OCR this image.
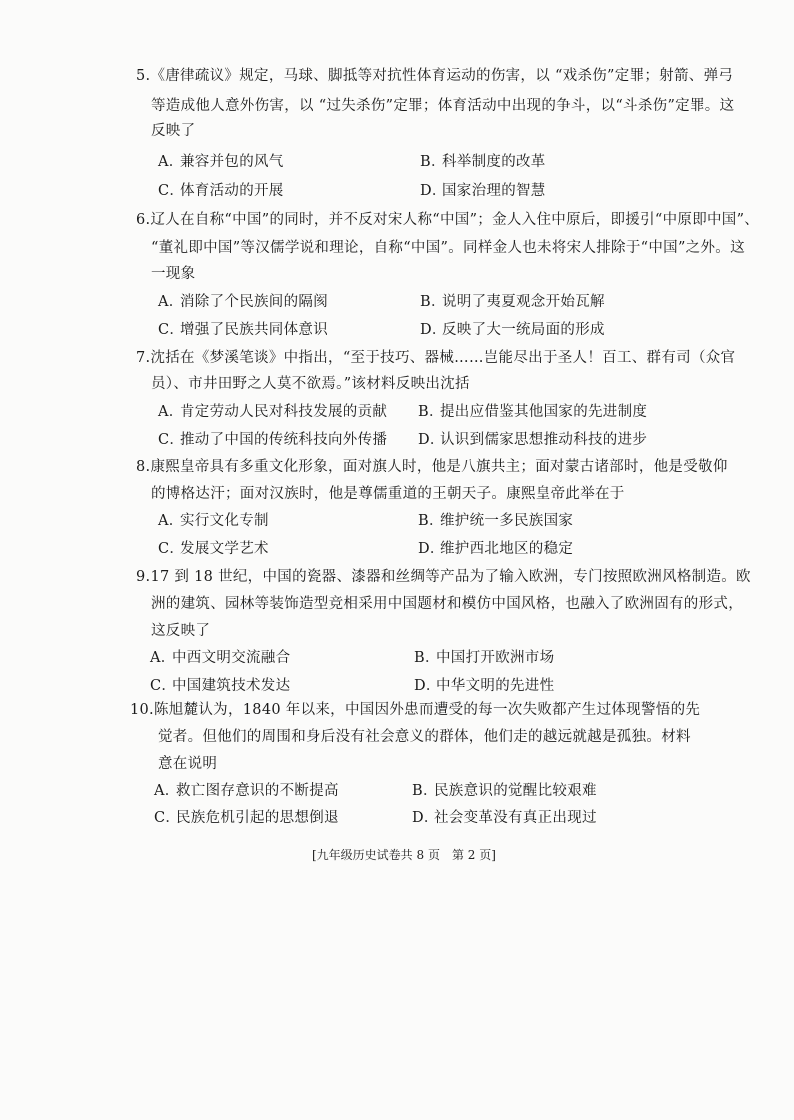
5.《唐律疏议》规定，马球、脚抵等对抗性体育运动的伤害，以 “戏杀伤”定罪；射箭、弹弓
等造成他人意外伤害，以 “过失杀伤”定罪；体育活动中出现的争斗，以“斗杀伤”定罪。这
反映了
A．兼容并包的风气	B．科举制度的改革
C．体育活动的开展	D．国家治理的智慧
6.辽人在自称“中国”的同时，并不反对宋人称“中国”；金人入住中原后，即援引“中原即中国”、
“董礼即中国”等汉儒学说和理论，自称“中国”。同样金人也未将宋人排除于“中国”之外。这
一现象
A．消除了个民族间的隔阂	B．说明了夷夏观念开始瓦解
C．增强了民族共同体意识	D．反映了大一统局面的形成
7.沈括在《梦溪笔谈》中指出，“至于技巧、器械……岂能尽出于圣人！百工、群有司（众官
员）、市井田野之人莫不欲焉。”该材料反映出沈括
A．肯定劳动人民对科技发展的贡献 B．提出应借鉴其他国家的先进制度
C．推动了中国的传统科技向外传播 D．认识到儒家思想推动科技的进步
8.康熙皇帝具有多重文化形象，面对旗人时，他是八旗共主；面对蒙古诸部时，他是受敬仰
的博格达汗；面对汉族时，他是尊儒重道的王朝天子。康熙皇帝此举在于
A．实行文化专制	B．维护统一多民族国家
C．发展文学艺术	D．维护西北地区的稳定
9.17 到 18 世纪，中国的瓷器、漆器和丝绸等产品为了输入欧洲，专门按照欧洲风格制造。欧
洲的建筑、园林等装饰造型竞相采用中国题材和模仿中国风格，也融入了欧洲固有的形式，
这反映了
A．中西文明交流融合	B．中国打开欧洲市场
C．中国建筑技术发达	D．中华文明的先进性
10.陈旭麓认为，1840 年以来，中国因外患而遭受的每一次失败都产生过体现警悟的先
觉者。但他们的周围和身后没有社会意义的群体，他们走的越远就越是孤独。材料
意在说明
A．救亡图存意识的不断提高	B．民族意识的觉醒比较艰难
C．民族危机引起的思想倒退	D．社会变革没有真正出现过
[九年级历史试卷共 8 页　第 2 页]
